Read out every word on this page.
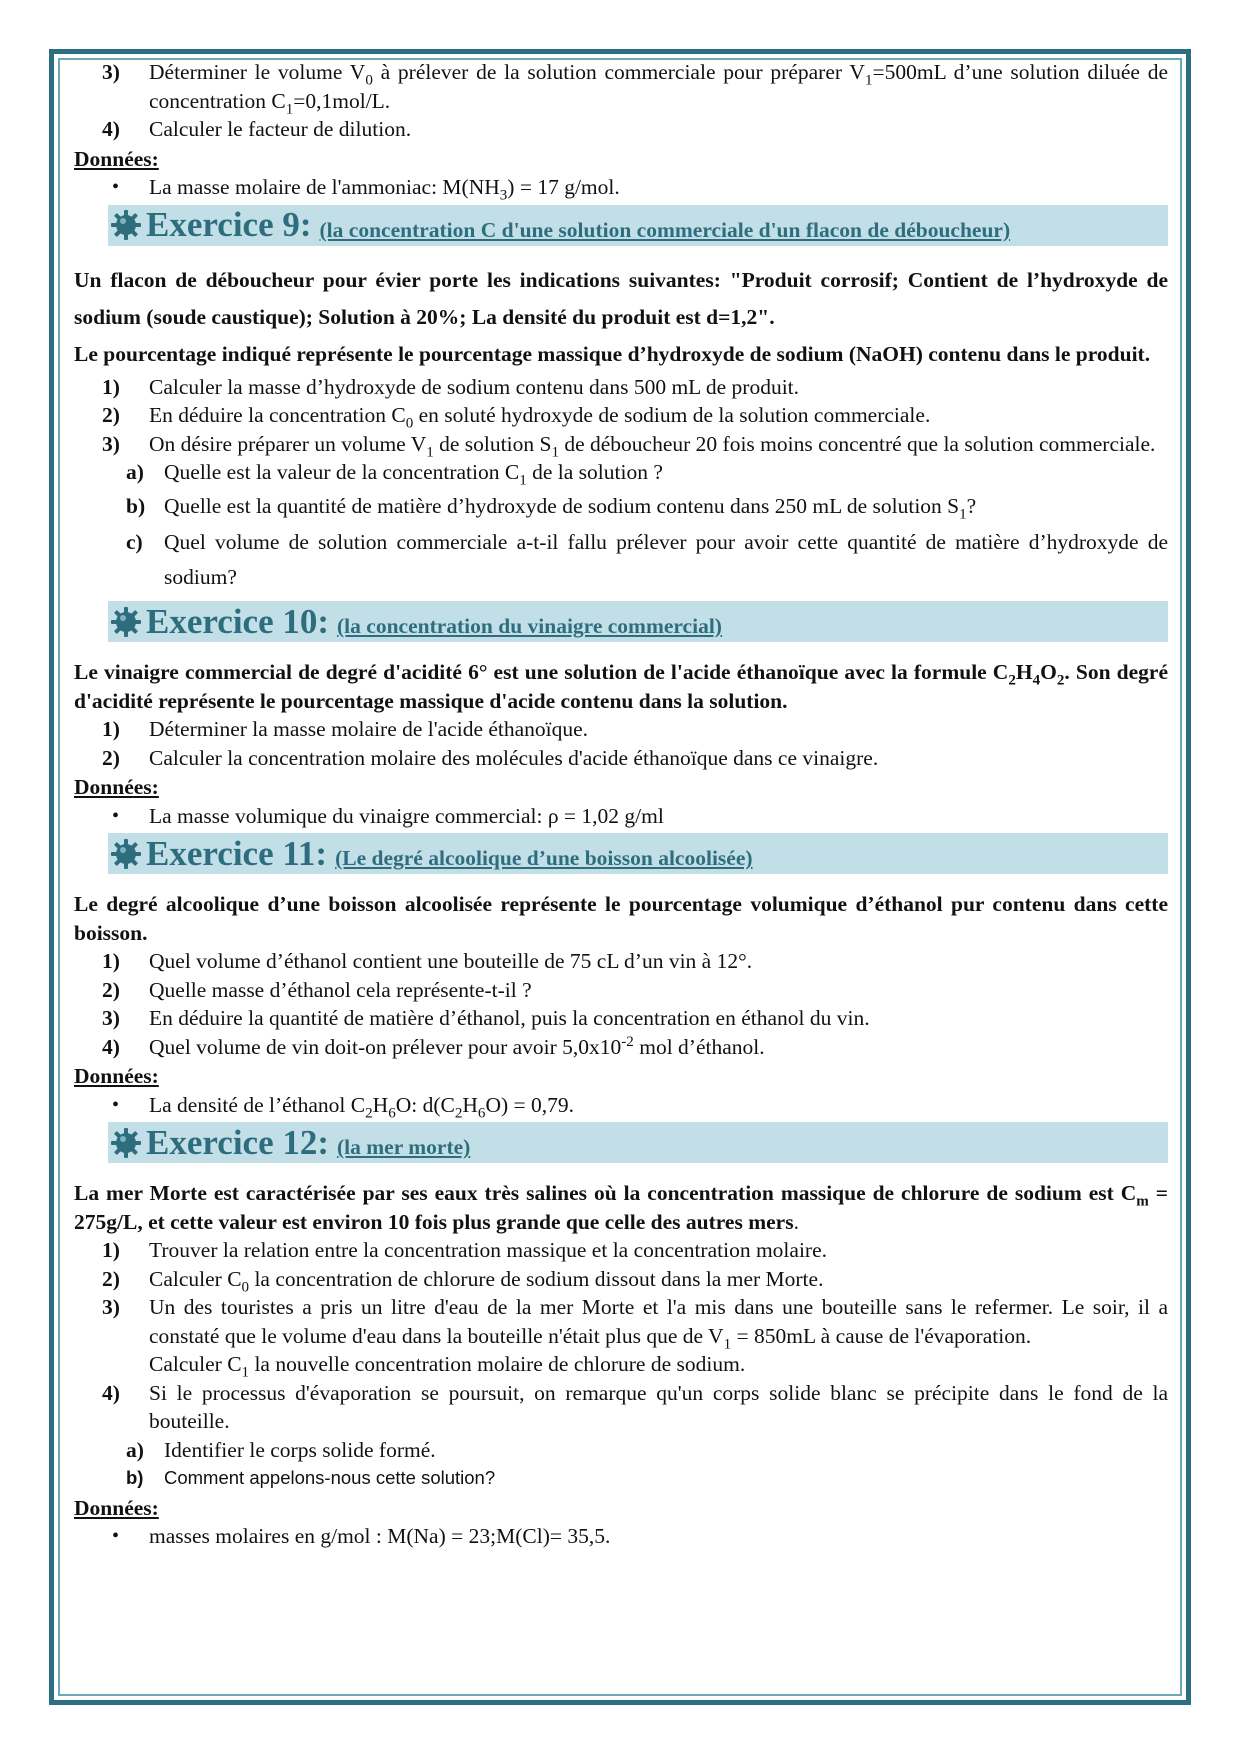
3)	Déterminer le volume $V_0$ à prélever de la solution commerciale pour préparer $V_1=500mL$ d’une solution diluée de concentration $C_1=0,1mol/L$.
4)	Calculer le facteur de dilution.
Données:
•	La masse molaire de l'ammoniac: $M(NH_3) = 17$ g/mol.
Exercice 9: (la concentration C d'une solution commerciale d'un flacon de déboucheur)
Un flacon de déboucheur pour évier porte les indications suivantes: "Produit corrosif; Contient de l’hydroxyde de sodium (soude caustique); Solution à 20%; La densité du produit est d=1,2".
Le pourcentage indiqué représente le pourcentage massique d’hydroxyde de sodium (NaOH) contenu dans le produit.
1)	Calculer la masse d’hydroxyde de sodium contenu dans 500 mL de produit.
2)	En déduire la concentration $C_0$ en soluté hydroxyde de sodium de la solution commerciale.
3)	On désire préparer un volume $V_1$ de solution $S_1$ de déboucheur 20 fois moins concentré que la solution commerciale.
a) Quelle est la valeur de la concentration $C_1$ de la solution ?
b) Quelle est la quantité de matière d’hydroxyde de sodium contenu dans 250 mL de solution $S_1$?
c) Quel volume de solution commerciale a-t-il fallu prélever pour avoir cette quantité de matière d’hydroxyde de sodium?
Exercice 10: (la concentration du vinaigre commercial)
Le vinaigre commercial de degré d'acidité 6° est une solution de l'acide éthanoïque avec la formule $C_2H_4O_2$. Son degré d'acidité représente le pourcentage massique d'acide contenu dans la solution.
1)	Déterminer la masse molaire de l'acide éthanoïque.
2)	Calculer la concentration molaire des molécules d'acide éthanoïque dans ce vinaigre.
Données:
•	La masse volumique du vinaigre commercial: ρ = 1,02 g/ml
Exercice 11: (Le degré alcoolique d’une boisson alcoolisée)
Le degré alcoolique d’une boisson alcoolisée représente le pourcentage volumique d’éthanol pur contenu dans cette boisson.
1)	Quel volume d’éthanol contient une bouteille de 75 cL d’un vin à 12°.
2)	Quelle masse d’éthanol cela représente-t-il ?
3)	En déduire la quantité de matière d’éthanol, puis la concentration en éthanol du vin.
4)	Quel volume de vin doit-on prélever pour avoir $5,0x10^{-2}$ mol d’éthanol.
Données:
•	La densité de l’éthanol $C_2H_6O$: $d(C_2H_6O) = 0,79$.
Exercice 12: (la mer morte)
La mer Morte est caractérisée par ses eaux très salines où la concentration massique de chlorure de sodium est $C_m = 275g/L$, et cette valeur est environ 10 fois plus grande que celle des autres mers.
1)	Trouver la relation entre la concentration massique et la concentration molaire.
2)	Calculer $C_0$ la concentration de chlorure de sodium dissout dans la mer Morte.
3)	Un des touristes a pris un litre d'eau de la mer Morte et l'a mis dans une bouteille sans le refermer. Le soir, il a constaté que le volume d'eau dans la bouteille n'était plus que de $V_1 = 850mL$ à cause de l'évaporation.
Calculer $C_1$ la nouvelle concentration molaire de chlorure de sodium.
4)	Si le processus d'évaporation se poursuit, on remarque qu'un corps solide blanc se précipite dans le fond de la bouteille.
a) Identifier le corps solide formé.
b)	Comment appelons-nous cette solution?
Données:
•	masses molaires en g/mol : M(Na) = 23;M(Cl)= 35,5.
